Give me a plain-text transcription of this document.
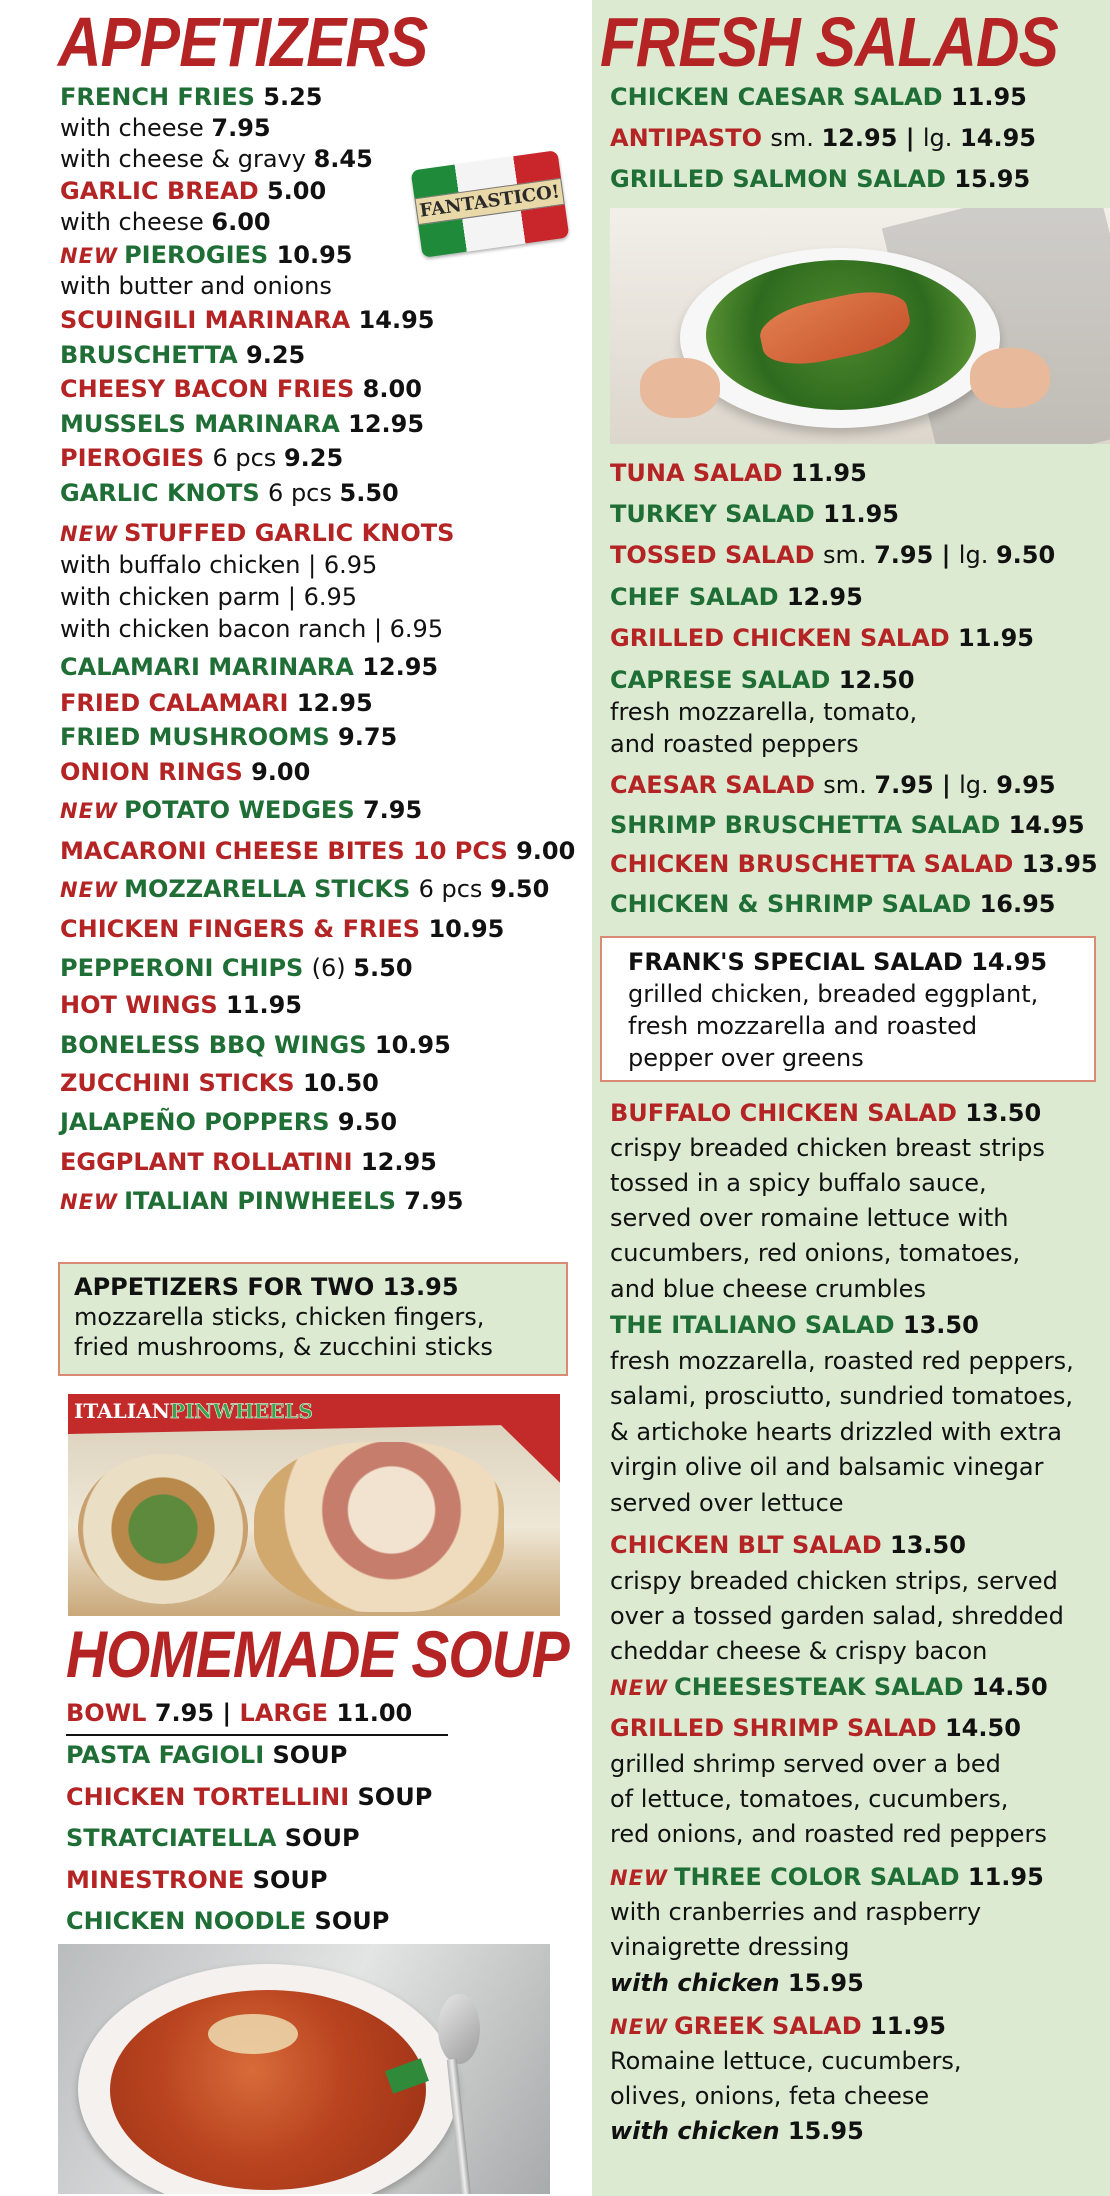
APPETIZERS
FANTASTICO!
FRENCH FRIES 5.25
with cheese 7.95
with cheese & gravy 8.45
GARLIC BREAD 5.00
with cheese 6.00
NEW PIEROGIES 10.95
with butter and onions
SCUINGILI MARINARA 14.95
BRUSCHETTA 9.25
CHEESY BACON FRIES 8.00
MUSSELS MARINARA 12.95
PIEROGIES 6 pcs 9.25
GARLIC KNOTS 6 pcs 5.50
NEW STUFFED GARLIC KNOTS
with buffalo chicken | 6.95
with chicken parm | 6.95
with chicken bacon ranch | 6.95
CALAMARI MARINARA 12.95
FRIED CALAMARI 12.95
FRIED MUSHROOMS 9.75
ONION RINGS 9.00
NEW POTATO WEDGES 7.95
MACARONI CHEESE BITES 10 PCS 9.00
NEW MOZZARELLA STICKS 6 pcs 9.50
CHICKEN FINGERS & FRIES 10.95
PEPPERONI CHIPS (6) 5.50
HOT WINGS 11.95
BONELESS BBQ WINGS 10.95
ZUCCHINI STICKS 10.50
JALAPEÑO POPPERS 9.50
EGGPLANT ROLLATINI 12.95
NEW ITALIAN PINWHEELS 7.95
APPETIZERS FOR TWO 13.95
mozzarella sticks, chicken fingers,
fried mushrooms, & zucchini sticks
ITALIANPINWHEELS
HOMEMADE SOUP
BOWL 7.95 | LARGE 11.00
PASTA FAGIOLI SOUP
CHICKEN TORTELLINI SOUP
STRATCIATELLA SOUP
MINESTRONE SOUP
CHICKEN NOODLE SOUP
FRESH SALADS
CHICKEN CAESAR SALAD 11.95
ANTIPASTO sm. 12.95 | lg. 14.95
GRILLED SALMON SALAD 15.95
TUNA SALAD 11.95
TURKEY SALAD 11.95
TOSSED SALAD sm. 7.95 | lg. 9.50
CHEF SALAD 12.95
GRILLED CHICKEN SALAD 11.95
CAPRESE SALAD 12.50
fresh mozzarella, tomato,
and roasted peppers
CAESAR SALAD sm. 7.95 | lg. 9.95
SHRIMP BRUSCHETTA SALAD 14.95
CHICKEN BRUSCHETTA SALAD 13.95
CHICKEN & SHRIMP SALAD 16.95
FRANK'S SPECIAL SALAD 14.95
grilled chicken, breaded eggplant,
fresh mozzarella and roasted
pepper over greens
BUFFALO CHICKEN SALAD 13.50
crispy breaded chicken breast strips
tossed in a spicy buffalo sauce,
served over romaine lettuce with
cucumbers, red onions, tomatoes,
and blue cheese crumbles
THE ITALIANO SALAD 13.50
fresh mozzarella, roasted red peppers,
salami, prosciutto, sundried tomatoes,
& artichoke hearts drizzled with extra
virgin olive oil and balsamic vinegar
served over lettuce
CHICKEN BLT SALAD 13.50
crispy breaded chicken strips, served
over a tossed garden salad, shredded
cheddar cheese & crispy bacon
NEW CHEESESTEAK SALAD 14.50
GRILLED SHRIMP SALAD 14.50
grilled shrimp served over a bed
of lettuce, tomatoes, cucumbers,
red onions, and roasted red peppers
NEW THREE COLOR SALAD 11.95
with cranberries and raspberry
vinaigrette dressing
with chicken 15.95
NEW GREEK SALAD 11.95
Romaine lettuce, cucumbers,
olives, onions, feta cheese
with chicken 15.95
